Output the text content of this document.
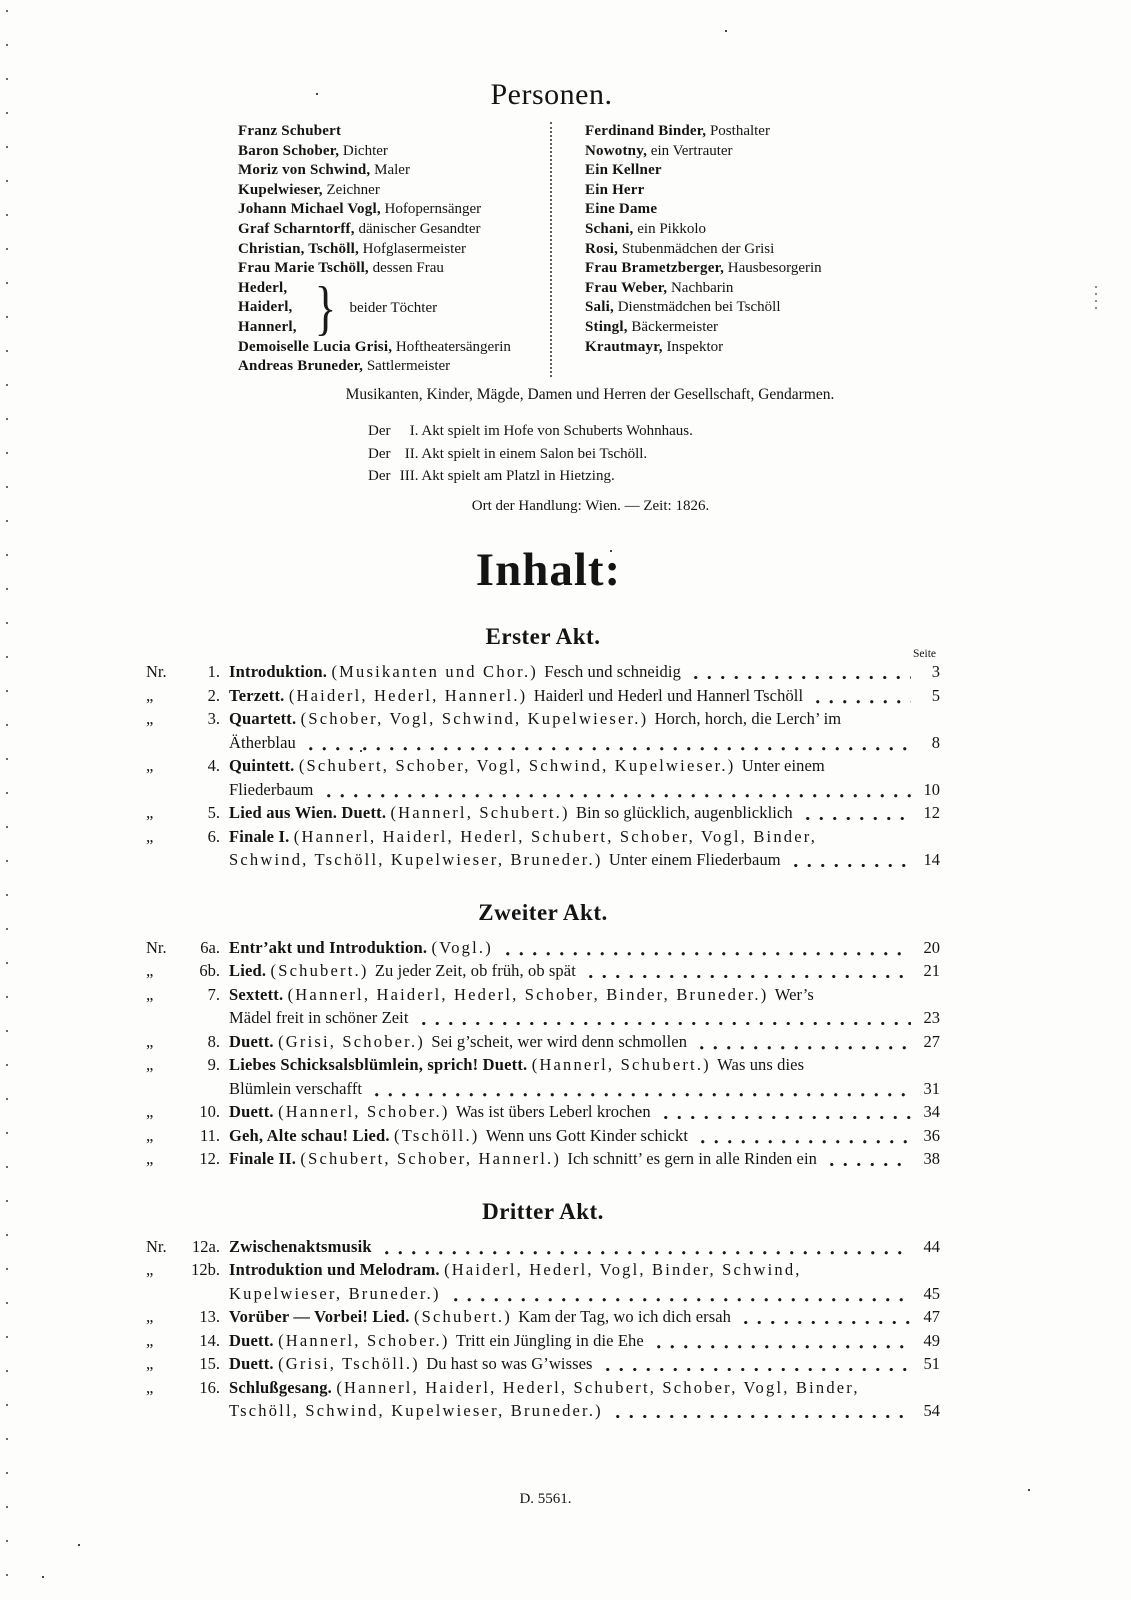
Personen.
Franz Schubert
Baron Schober, Dichter
Moriz von Schwind, Maler
Kupelwieser, Zeichner
Johann Michael Vogl, Hofopernsänger
Graf Scharntorff, dänischer Gesandter
Christian, Tschöll, Hofglasermeister
Frau Marie Tschöll, dessen Frau
Hederl,
Haiderl,
Hannerl, } beider Töchter
Demoiselle Lucia Grisi, Hoftheatersängerin
Andreas Bruneder, Sattlermeister
Ferdinand Binder, Posthalter
Nowotny, ein Vertrauter
Ein Kellner
Ein Herr
Eine Dame
Schani, ein Pikkolo
Rosi, Stubenmädchen der Grisi
Frau Brametzberger, Hausbesorgerin
Frau Weber, Nachbarin
Sali, Dienstmädchen bei Tschöll
Stingl, Bäckermeister
Krautmayr, Inspektor
Musikanten, Kinder, Mägde, Damen und Herren der Gesellschaft, Gendarmen.
Der I. Akt spielt im Hofe von Schuberts Wohnhaus.
Der II. Akt spielt in einem Salon bei Tschöll.
Der III. Akt spielt am Platzl in Hietzing.
Ort der Handlung: Wien. — Zeit: 1826.
Inhalt:
Erster Akt.
Seite
Nr.	1. Introduktion. (Musikanten und Chor.) Fesch und schneidig	3
„	2. Terzett. (Haiderl, Hederl, Hannerl.) Haiderl und Hederl und Hannerl Tschöll	5
„	3. Quartett. (Schober, Vogl, Schwind, Kupelwieser.) Horch, horch, die Lerch’ im
Ätherblau	8
„	4. Quintett. (Schubert, Schober, Vogl, Schwind, Kupelwieser.) Unter einem
Fliederbaum	10
„	5. Lied aus Wien. Duett. (Hannerl, Schubert.) Bin so glücklich, augenblicklich	12
„	6. Finale I. (Hannerl, Haiderl, Hederl, Schubert, Schober, Vogl, Binder,
Schwind, Tschöll, Kupelwieser, Bruneder.) Unter einem Fliederbaum	14
Zweiter Akt.
Nr.	6a. Entr’akt und Introduktion. (Vogl.)	20
„	6b. Lied. (Schubert.) Zu jeder Zeit, ob früh, ob spät	21
„	7. Sextett. (Hannerl, Haiderl, Hederl, Schober, Binder, Bruneder.) Wer’s
Mädel freit in schöner Zeit	23
„	8. Duett. (Grisi, Schober.) Sei g’scheit, wer wird denn schmollen	27
„	9. Liebes Schicksalsblümlein, sprich! Duett. (Hannerl, Schubert.) Was uns dies
Blümlein verschafft	31
„	10. Duett. (Hannerl, Schober.) Was ist übers Leberl krochen	34
„	11. Geh, Alte schau! Lied. (Tschöll.) Wenn uns Gott Kinder schickt	36
„	12. Finale II. (Schubert, Schober, Hannerl.) Ich schnitt’ es gern in alle Rinden ein	38
Dritter Akt.
Nr.	12a. Zwischenaktsmusik	44
„	12b. Introduktion und Melodram. (Haiderl, Hederl, Vogl, Binder, Schwind,
Kupelwieser, Bruneder.)	45
„	13. Vorüber — Vorbei! Lied. (Schubert.) Kam der Tag, wo ich dich ersah	47
„	14. Duett. (Hannerl, Schober.) Tritt ein Jüngling in die Ehe	49
„	15. Duett. (Grisi, Tschöll.) Du hast so was G’wisses	51
„	16. Schlußgesang. (Hannerl, Haiderl, Hederl, Schubert, Schober, Vogl, Binder,
Tschöll, Schwind, Kupelwieser, Bruneder.)	54
D. 5561.
